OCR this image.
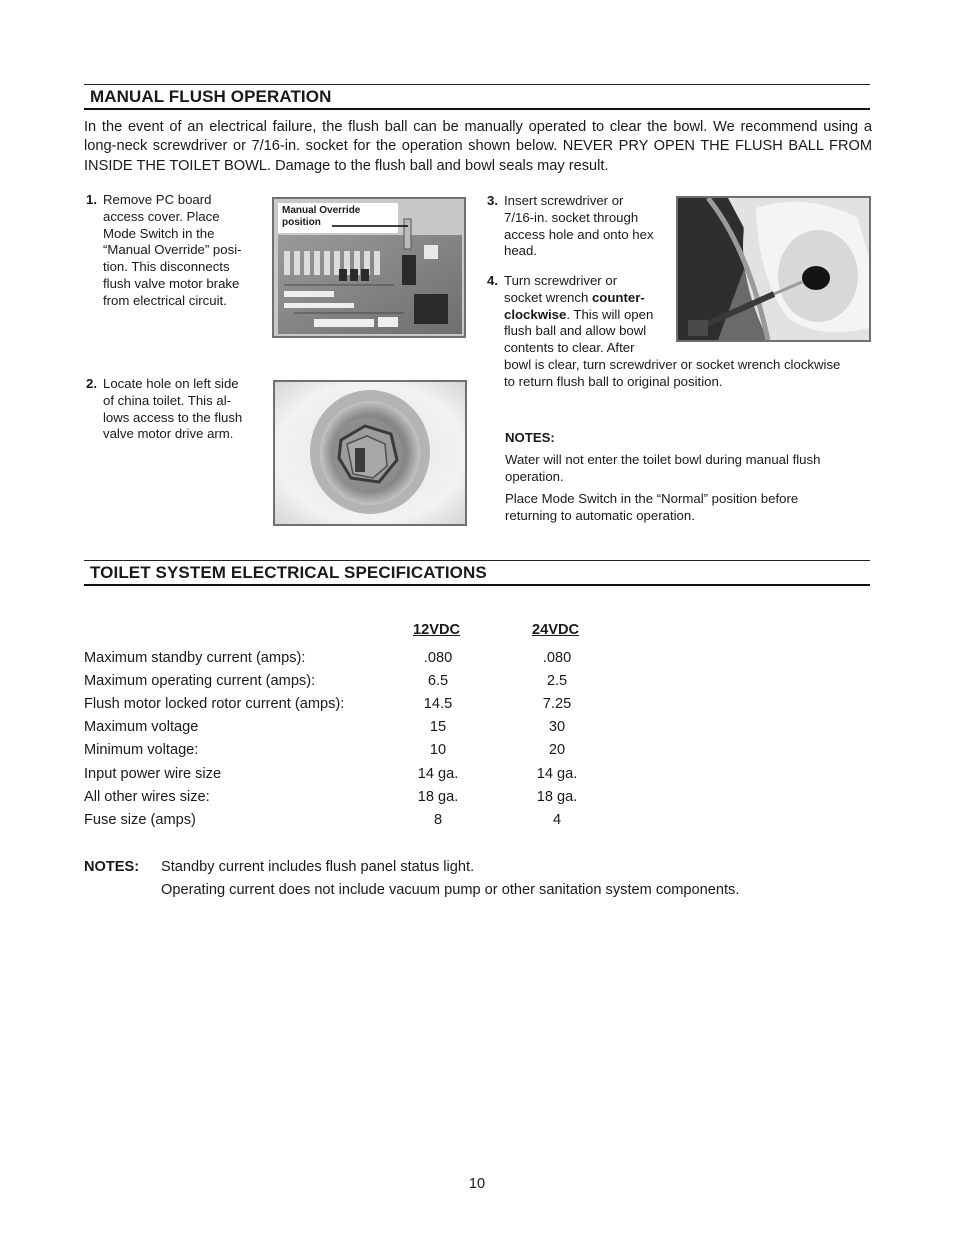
MANUAL FLUSH OPERATION
In the event of an electrical failure, the flush ball can be manually operated to clear the bowl. We recommend using a long-neck screwdriver or 7/16-in. socket for the operation shown below. NEVER PRY OPEN THE FLUSH BALL FROM INSIDE THE TOILET BOWL. Damage to the flush ball and bowl seals may result.
1. Remove PC board
access cover. Place
Mode Switch in the
“Manual Override” posi-
tion. This disconnects
flush valve motor brake
from electrical circuit.
Manual Override
position
2. Locate hole on left side
of china toilet. This al-
lows access to the flush
valve motor drive arm.
3. Insert screwdriver or
7/16-in. socket through
access hole and onto hex
head.
4. Turn screwdriver or
socket wrench counter-
clockwise. This will open
flush ball and allow bowl
contents to clear. After
bowl is clear, turn screwdriver or socket wrench clockwise
to return flush ball to original position.
NOTES:
Water will not enter the toilet bowl during manual flush operation.
Place Mode Switch in the “Normal” position before returning to automatic operation.
TOILET SYSTEM ELECTRICAL SPECIFICATIONS
12VDC	24VDC
Maximum standby current (amps):	.080	.080
Maximum operating current (amps):	6.5	2.5
Flush motor locked rotor current (amps):	14.5	7.25
Maximum voltage	15	30
Minimum voltage:	10	20
Input power wire size	14 ga.	14 ga.
All other wires size:	18 ga.	18 ga.
Fuse size (amps)	8	4
NOTES: Standby current includes flush panel status light.
Operating current does not include vacuum pump or other sanitation system components.
10
